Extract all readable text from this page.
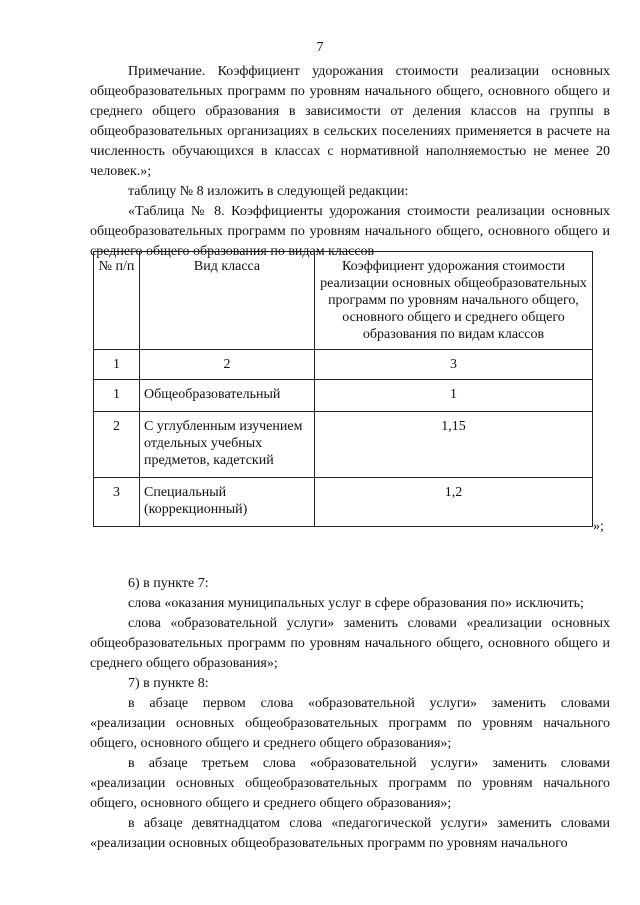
7

Примечание. Коэффициент удорожания стоимости реализации основных общеобразовательных программ по уровням начального общего, основного общего и среднего общего образования в зависимости от деления классов на группы в общеобразовательных организациях в сельских поселениях применяется в расчете на численность обучающихся в классах с нормативной наполняемостью не менее 20 человек.»;

таблицу № 8 изложить в следующей редакции:

«Таблица № 8. Коэффициенты удорожания стоимости реализации основных общеобразовательных программ по уровням начального общего, основного общего и среднего общего образования по видам классов

№ п/п	Вид класса	Коэффициент удорожания стоимости реализации основных общеобразовательных программ по уровням начального общего, основного общего и среднего общего образования по видам классов
1	2	3
1	Общеобразовательный	1
2	С углубленным изучением отдельных учебных предметов, кадетский	1,15
3	Специальный (коррекционный)	1,2
»;

6) в пункте 7:

слова «оказания муниципальных услуг в сфере образования по» исключить;

слова «образовательной услуги» заменить словами «реализации основных общеобразовательных программ по уровням начального общего, основного общего и среднего общего образования»;

7) в пункте 8:

в абзаце первом слова «образовательной услуги» заменить словами «реализации основных общеобразовательных программ по уровням начального общего, основного общего и среднего общего образования»;

в абзаце третьем слова «образовательной услуги» заменить словами «реализации основных общеобразовательных программ по уровням начального общего, основного общего и среднего общего образования»;

в абзаце девятнадцатом слова «педагогической услуги» заменить словами «реализации основных общеобразовательных программ по уровням начального
